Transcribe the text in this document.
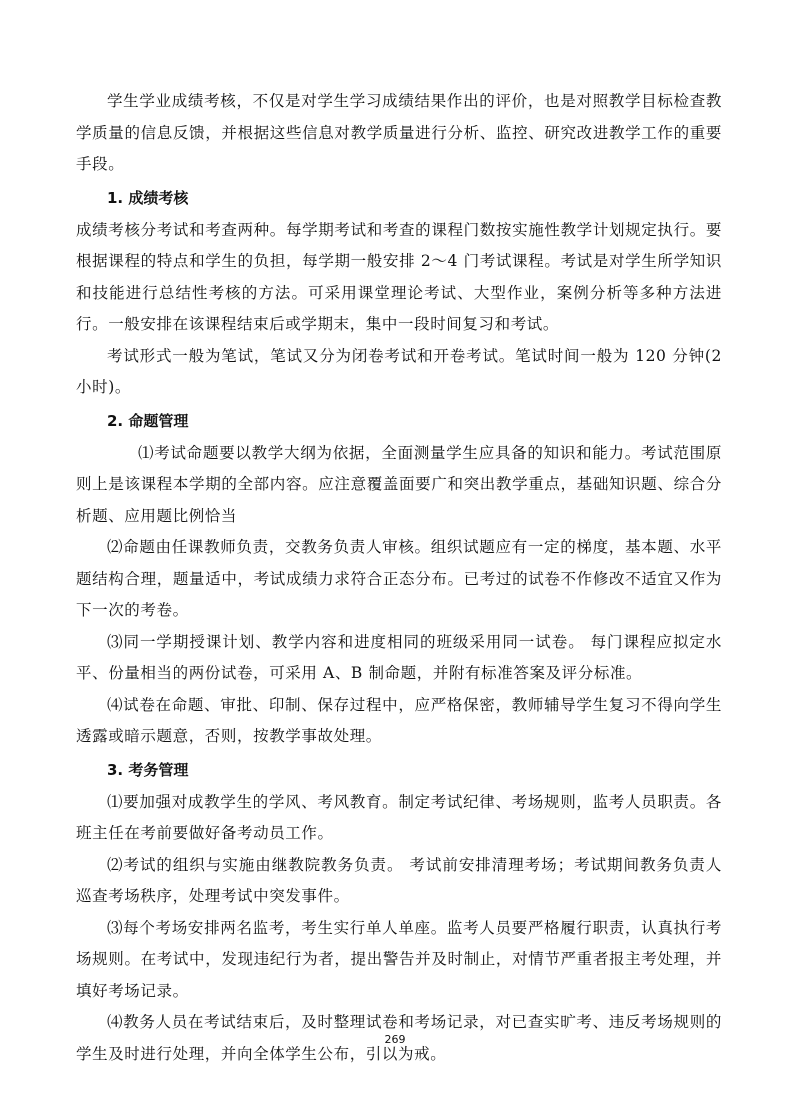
学生学业成绩考核，不仅是对学生学习成绩结果作出的评价，也是对照教学目标检查教学质量的信息反馈，并根据这些信息对教学质量进行分析、监控、研究改进教学工作的重要手段。

1. 成绩考核

成绩考核分考试和考查两种。每学期考试和考查的课程门数按实施性教学计划规定执行。要根据课程的特点和学生的负担，每学期一般安排 2～4 门考试课程。考试是对学生所学知识和技能进行总结性考核的方法。可采用课堂理论考试、大型作业，案例分析等多种方法进行。一般安排在该课程结束后或学期末，集中一段时间复习和考试。

考试形式一般为笔试，笔试又分为闭卷考试和开卷考试。笔试时间一般为 120 分钟(2 小时)。

2. 命题管理

⑴考试命题要以教学大纲为依据，全面测量学生应具备的知识和能力。考试范围原则上是该课程本学期的全部内容。应注意覆盖面要广和突出教学重点，基础知识题、综合分析题、应用题比例恰当

⑵命题由任课教师负责，交教务负责人审核。组织试题应有一定的梯度，基本题、水平题结构合理，题量适中，考试成绩力求符合正态分布。已考过的试卷不作修改不适宜又作为下一次的考卷。

⑶同一学期授课计划、教学内容和进度相同的班级采用同一试卷。 每门课程应拟定水平、份量相当的两份试卷，可采用 A、B 制命题，并附有标准答案及评分标准。

⑷试卷在命题、审批、印制、保存过程中，应严格保密，教师辅导学生复习不得向学生透露或暗示题意，否则，按教学事故处理。

3. 考务管理

⑴要加强对成教学生的学风、考风教育。制定考试纪律、考场规则，监考人员职责。各班主任在考前要做好备考动员工作。

⑵考试的组织与实施由继教院教务负责。 考试前安排清理考场；考试期间教务负责人巡查考场秩序，处理考试中突发事件。

⑶每个考场安排两名监考，考生实行单人单座。监考人员要严格履行职责，认真执行考场规则。在考试中，发现违纪行为者，提出警告并及时制止，对情节严重者报主考处理，并填好考场记录。

⑷教务人员在考试结束后，及时整理试卷和考场记录，对已查实旷考、违反考场规则的学生及时进行处理，并向全体学生公布，引以为戒。

269
